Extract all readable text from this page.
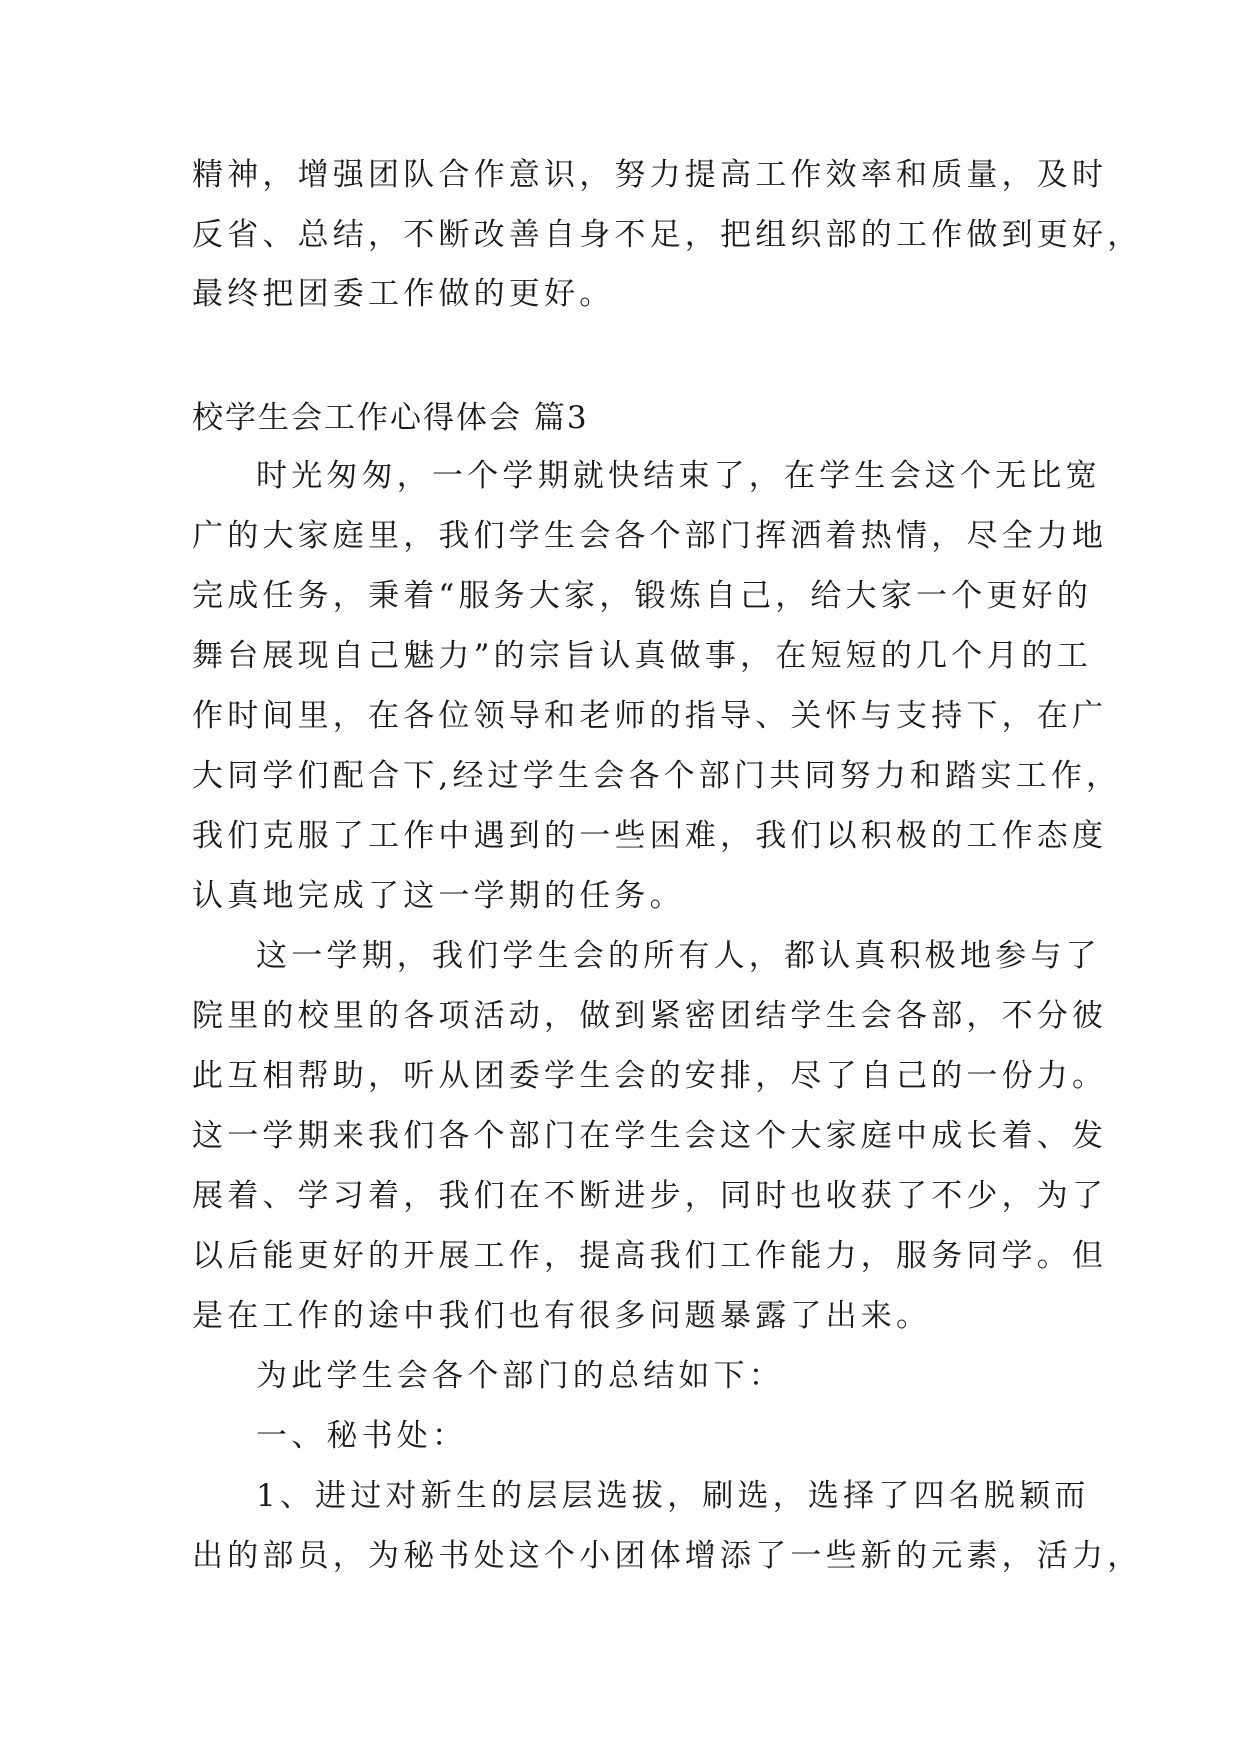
精神，增强团队合作意识，努力提高工作效率和质量，及时
反省、总结，不断改善自身不足，把组织部的工作做到更好，
最终把团委工作做的更好。
校学生会工作心得体会 篇3
时光匆匆，一个学期就快结束了，在学生会这个无比宽
广的大家庭里，我们学生会各个部门挥洒着热情，尽全力地
完成任务，秉着“服务大家，锻炼自己，给大家一个更好的
舞台展现自己魅力”的宗旨认真做事，在短短的几个月的工
作时间里，在各位领导和老师的指导、关怀与支持下，在广
大同学们配合下,经过学生会各个部门共同努力和踏实工作，
我们克服了工作中遇到的一些困难，我们以积极的工作态度
认真地完成了这一学期的任务。
这一学期，我们学生会的所有人，都认真积极地参与了
院里的校里的各项活动，做到紧密团结学生会各部，不分彼
此互相帮助，听从团委学生会的安排，尽了自己的一份力。
这一学期来我们各个部门在学生会这个大家庭中成长着、发
展着、学习着，我们在不断进步，同时也收获了不少，为了
以后能更好的开展工作，提高我们工作能力，服务同学。但
是在工作的途中我们也有很多问题暴露了出来。
为此学生会各个部门的总结如下：
一、秘书处：
1、进过对新生的层层选拔，刷选，选择了四名脱颖而
出的部员，为秘书处这个小团体增添了一些新的元素，活力，
